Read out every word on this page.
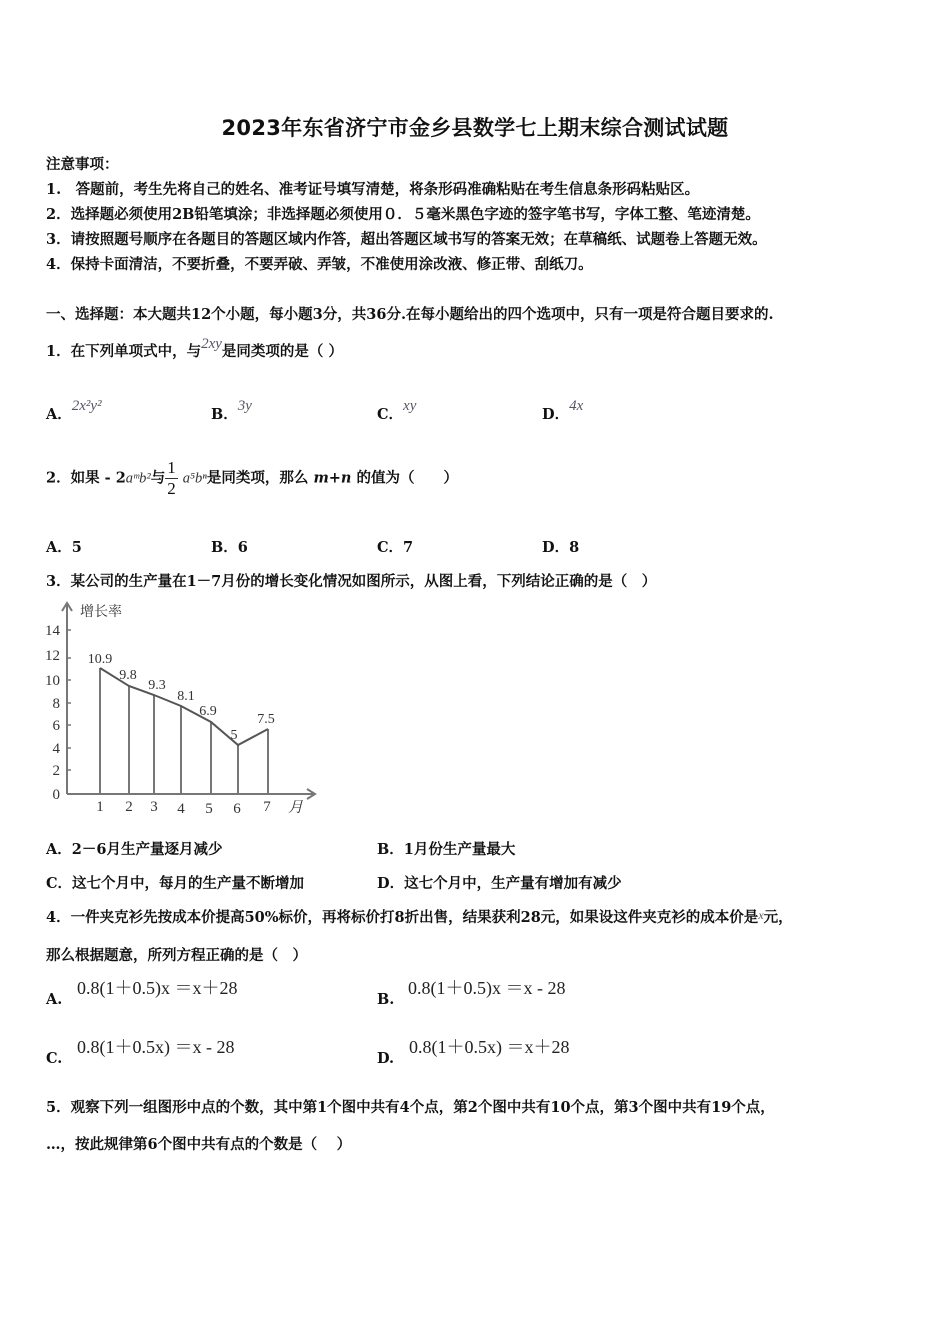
2023年东省济宁市金乡县数学七上期末综合测试试题
注意事项：
1.　答题前，考生先将自己的姓名、准考证号填写清楚，将条形码准确粘贴在考生信息条形码粘贴区。
2．选择题必须使用2B铅笔填涂；非选择题必须使用０．５毫米黑色字迹的签字笔书写，字体工整、笔迹清楚。
3．请按照题号顺序在各题目的答题区域内作答，超出答题区域书写的答案无效；在草稿纸、试题卷上答题无效。
4．保持卡面清洁，不要折叠，不要弄破、弄皱，不准使用涂改液、修正带、刮纸刀。
一、选择题：本大题共12个小题，每小题3分，共36分.在每小题给出的四个选项中，只有一项是符合题目要求的.
1．在下列单项式中，与2xy是同类项的是（ ）
A．2x²y²	B．3y	C．xy	D．4x
2．如果 - 2aᵐb²与 $\frac{1}{2} a^5b^n$是同类项，那么 m+n 的值为（　　）
A．5	B．6	C．7	D．8
3．某公司的生产量在1－7月份的增长变化情况如图所示，从图上看，下列结论正确的是（　）
0
2
4
6
8
10
12
14
增长率
10.9
9.8
9.3
8.1
6.9
5
7.5
1 2 3 4 5 6 7 月
A．2－6月生产量逐月减少	B．1月份生产量最大
C．这七个月中，每月的生产量不断增加	D．这七个月中，生产量有增加有减少
4．一件夹克衫先按成本价提高50%标价，再将标价打8折出售，结果获利28元，如果设这件夹克衫的成本价是$^x$元，
那么根据题意，所列方程正确的是（　）
A.
0.8(1＋0.5)x ＝x＋28
B.
0.8(1＋0.5)x ＝x - 28
C.
0.8(1＋0.5x) ＝x - 28
D.
0.8(1＋0.5x) ＝x＋28
5．观察下列一组图形中点的个数，其中第1个图中共有4个点，第2个图中共有10个点，第3个图中共有19个点，
…，按此规律第6个图中共有点的个数是（　 ）
